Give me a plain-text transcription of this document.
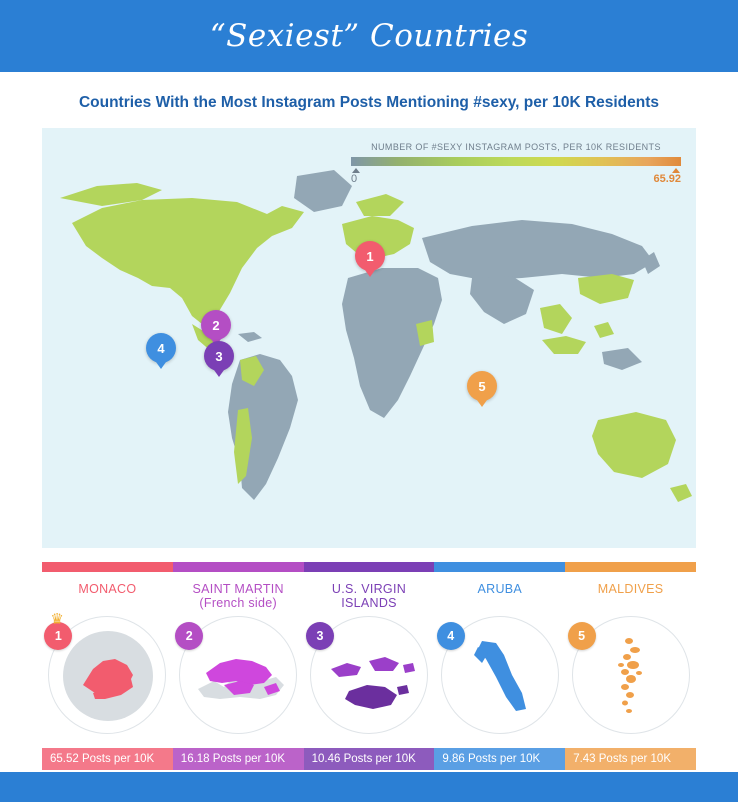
“Sexiest” Countries
Countries With the Most Instagram Posts Mentioning #sexy, per 10K Residents
NUMBER OF #SEXY INSTAGRAM POSTS, PER 10K RESIDENTS
0	65.92
1
2
3
4
5
MONACO
♛
1
SAINT MARTIN
(French side)
2
U.S. VIRGIN
ISLANDS
3
ARUBA
4
MALDIVES
5
65.52 Posts per 10K	16.18 Posts per 10K	10.46 Posts per 10K	9.86 Posts per 10K	7.43 Posts per 10K
